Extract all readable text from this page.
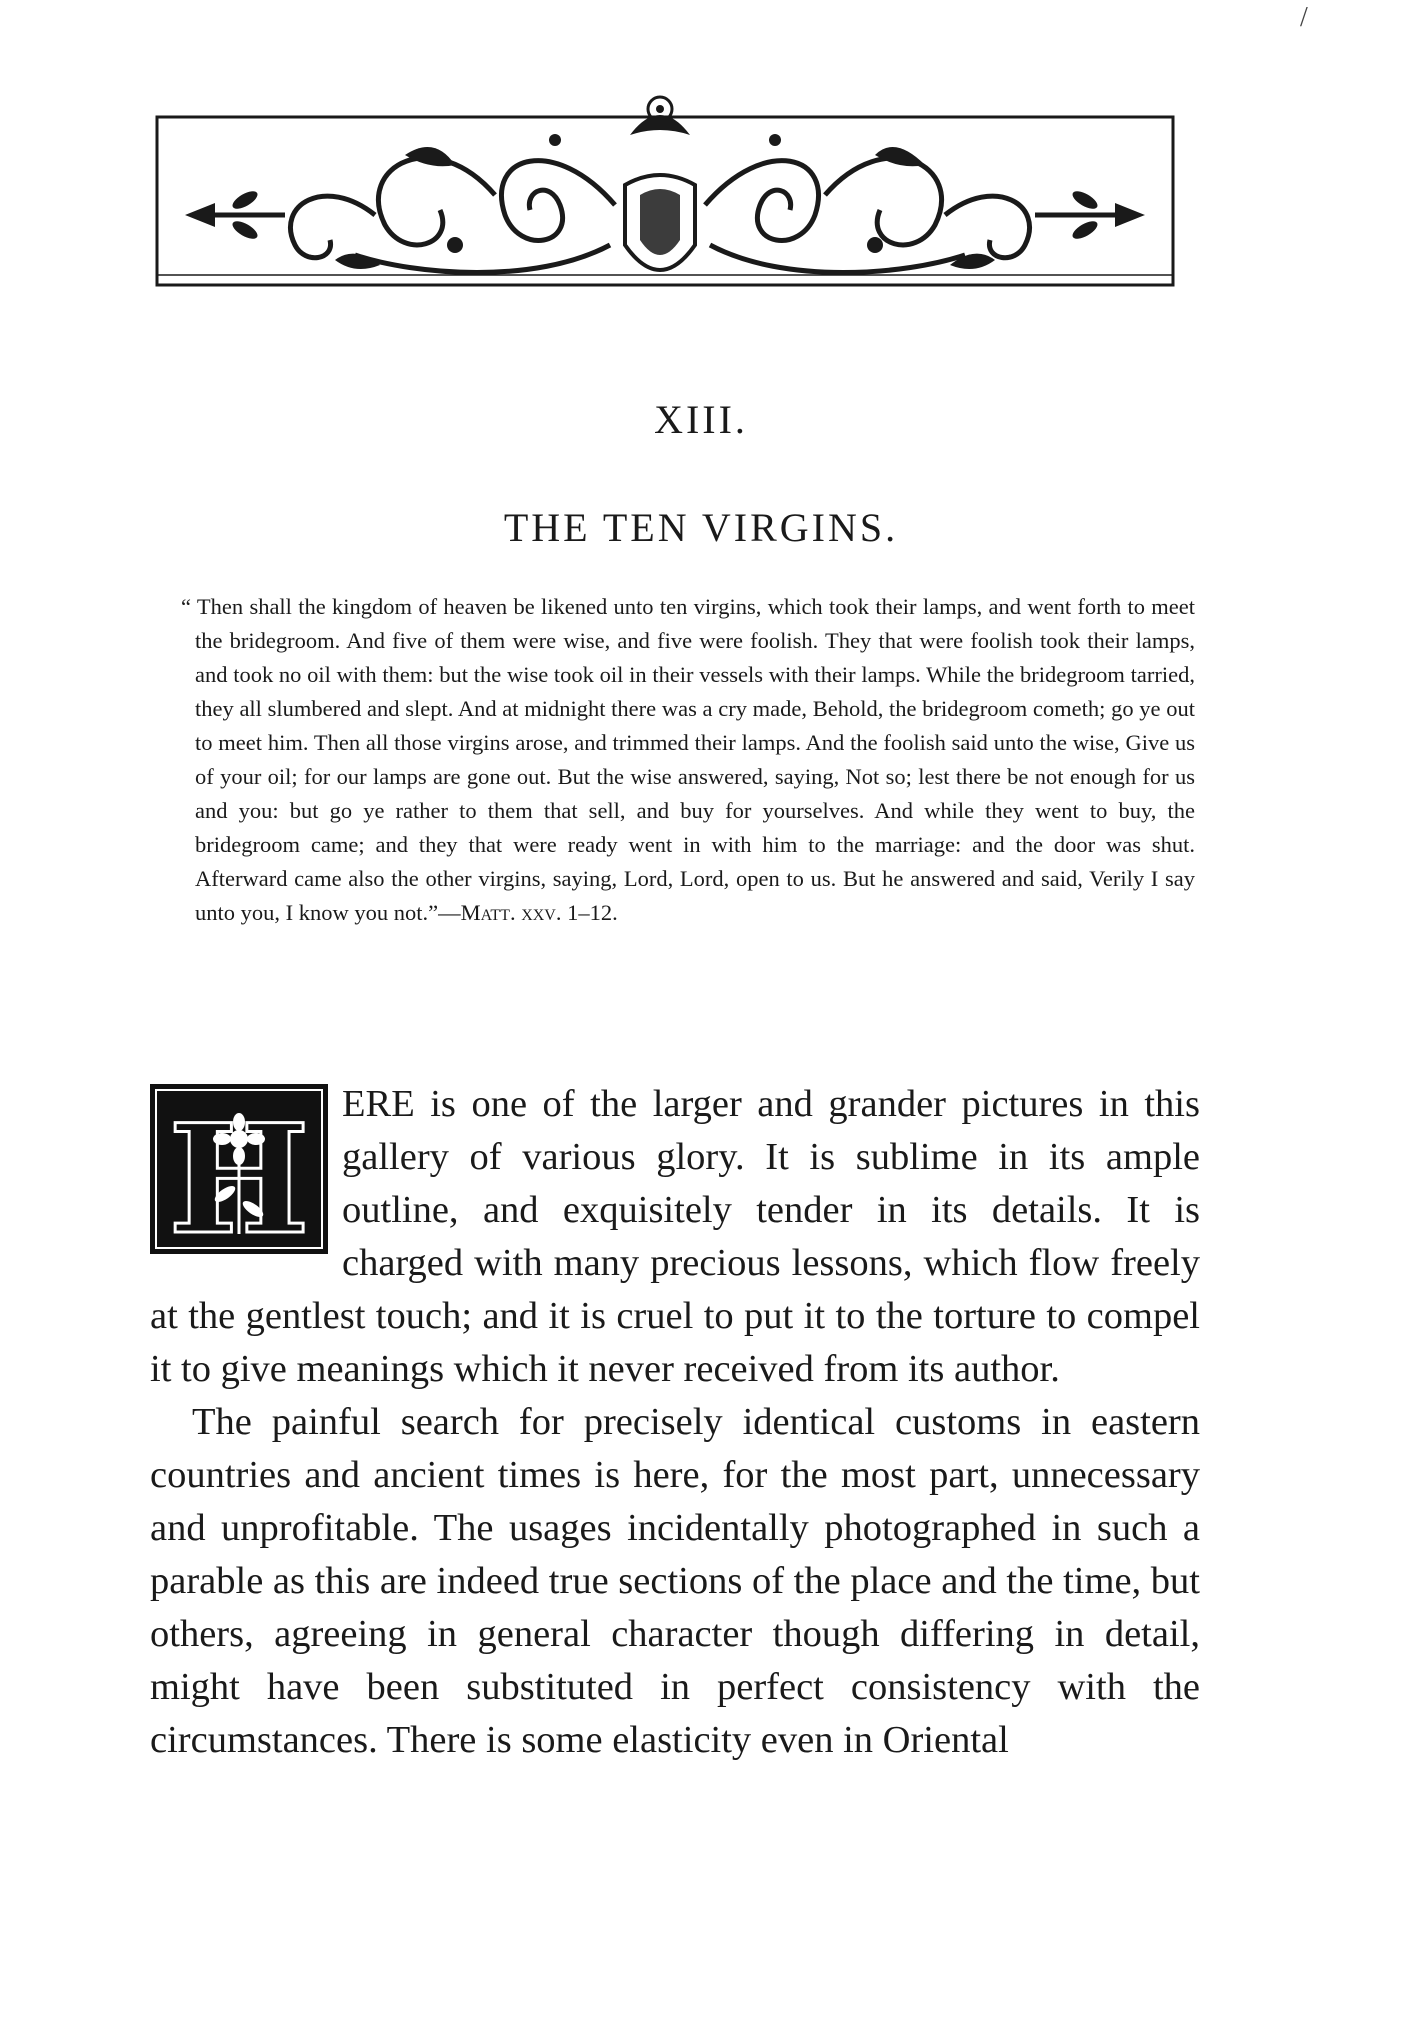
XIII.
THE TEN VIRGINS.
“ Then shall the kingdom of heaven be likened unto ten virgins, which took their lamps, and went forth to meet the bridegroom. And five of them were wise, and five were foolish. They that were foolish took their lamps, and took no oil with them: but the wise took oil in their vessels with their lamps. While the bridegroom tarried, they all slumbered and slept. And at midnight there was a cry made, Behold, the bridegroom cometh; go ye out to meet him. Then all those virgins arose, and trimmed their lamps. And the foolish said unto the wise, Give us of your oil; for our lamps are gone out. But the wise answered, saying, Not so; lest there be not enough for us and you: but go ye rather to them that sell, and buy for yourselves. And while they went to buy, the bridegroom came; and they that were ready went in with him to the marriage: and the door was shut. Afterward came also the other virgins, saying, Lord, Lord, open to us. But he answered and said, Verily I say unto you, I know you not.”—Matt. xxv. 1–12.

H ERE is one of the larger and grander pictures in this gallery of various glory. It is sublime in its ample outline, and exquisitely tender in its details. It is charged with many precious lessons, which flow freely at the gentlest touch; and it is cruel to put it to the torture to compel it to give meanings which it never received from its author.

The painful search for precisely identical customs in eastern countries and ancient times is here, for the most part, unnecessary and unprofitable. The usages incidentally photographed in such a parable as this are indeed true sections of the place and the time, but others, agreeing in general character though differing in detail, might have been substituted in perfect consistency with the circumstances. There is some elasticity even in Oriental

/
